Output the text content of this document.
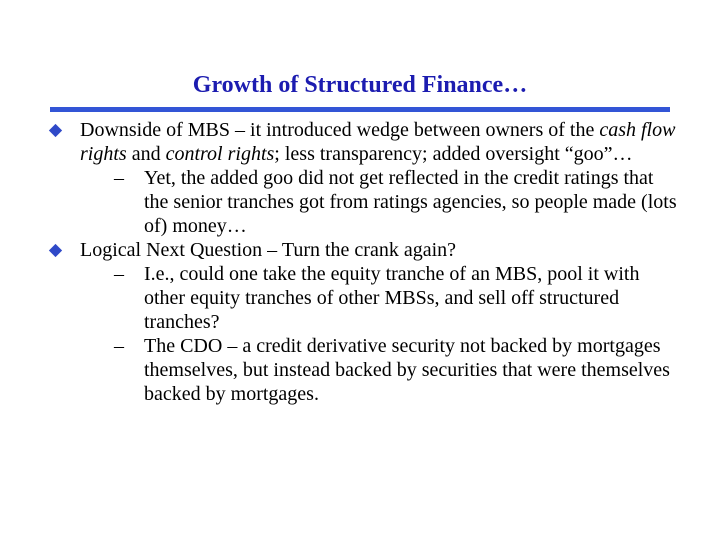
Growth of Structured Finance…
Downside of MBS – it introduced wedge between owners of the cash flow rights and control rights; less transparency; added oversight “goo”…
– Yet, the added goo did not get reflected in the credit ratings that the senior tranches got from ratings agencies, so people made (lots of) money…
Logical Next Question – Turn the crank again?
– I.e., could one take the equity tranche of an MBS, pool it with other equity tranches of other MBSs, and sell off structured tranches?
– The CDO – a credit derivative security not backed by mortgages themselves, but instead backed by securities that were themselves backed by mortgages.
